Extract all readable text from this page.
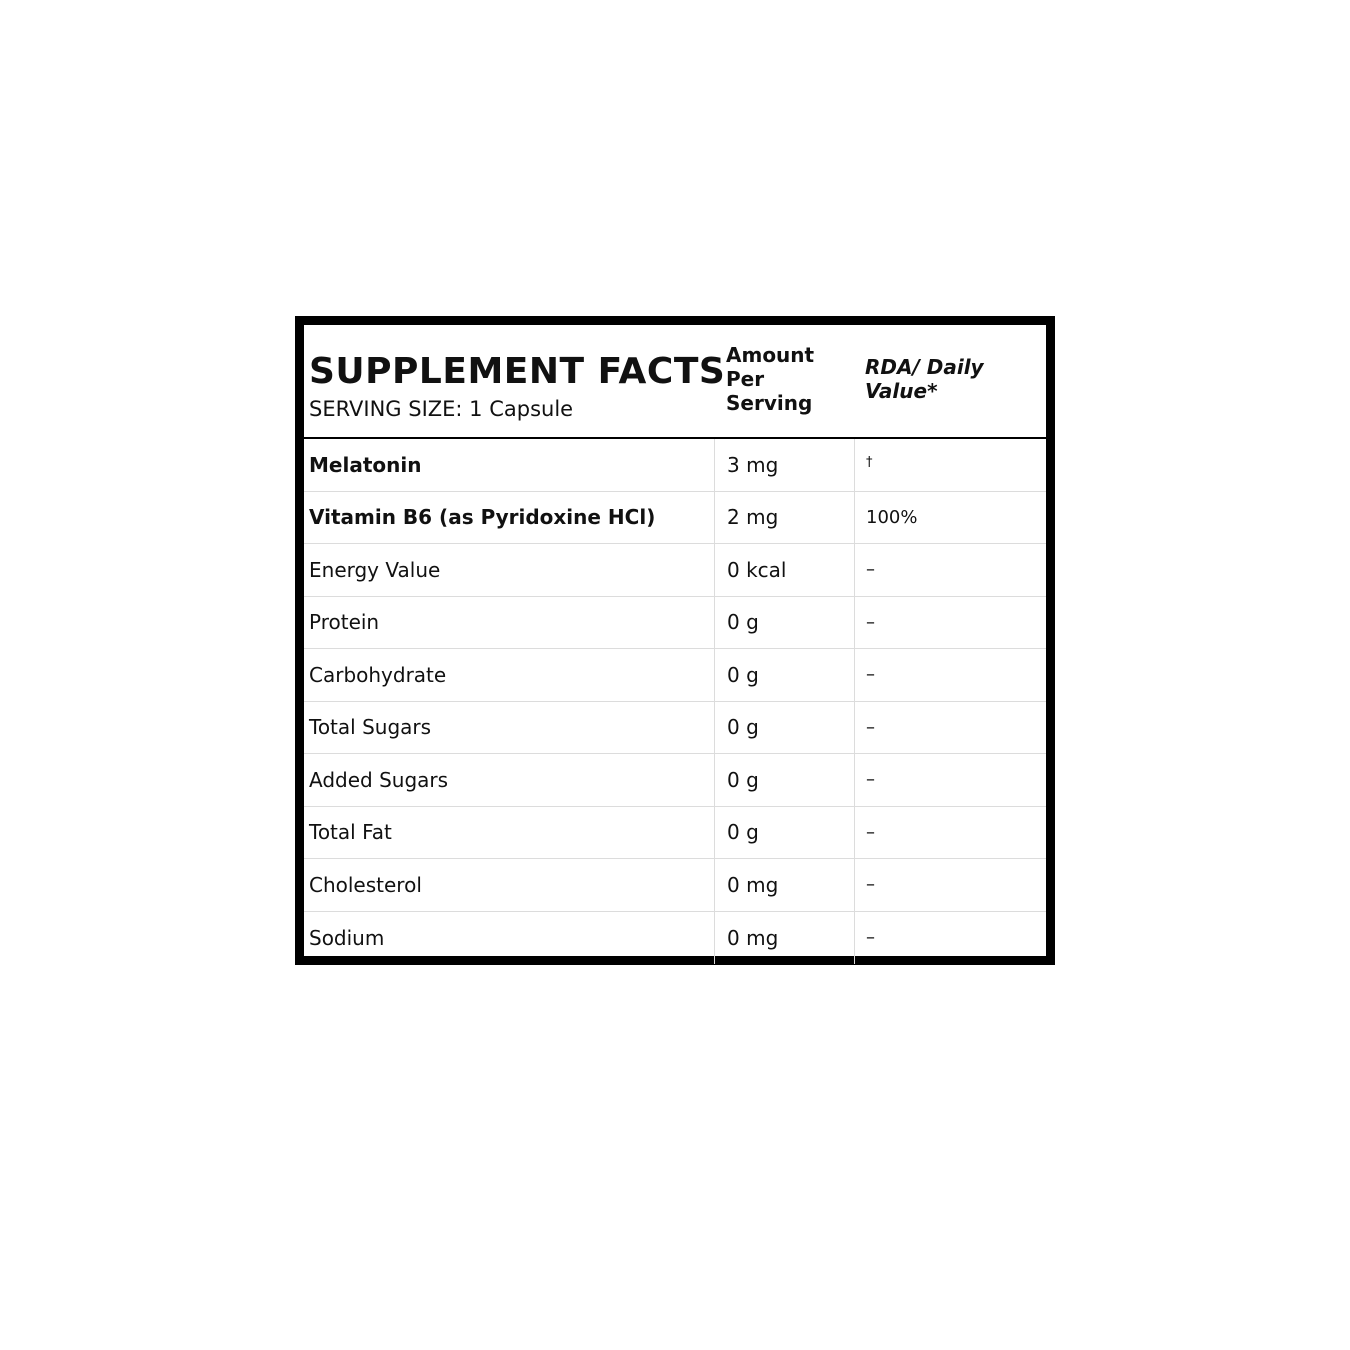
SUPPLEMENT FACTS
SERVING SIZE: 1 Capsule
Amount
Per
Serving
RDA/ Daily Value*
Melatonin	3 mg	†
Vitamin B6 (as Pyridoxine HCl)	2 mg	100%
Energy Value	0 kcal	–
Protein	0 g	–
Carbohydrate	0 g	–
Total Sugars	0 g	–
Added Sugars	0 g	–
Total Fat	0 g	–
Cholesterol	0 mg	–
Sodium	0 mg	–
